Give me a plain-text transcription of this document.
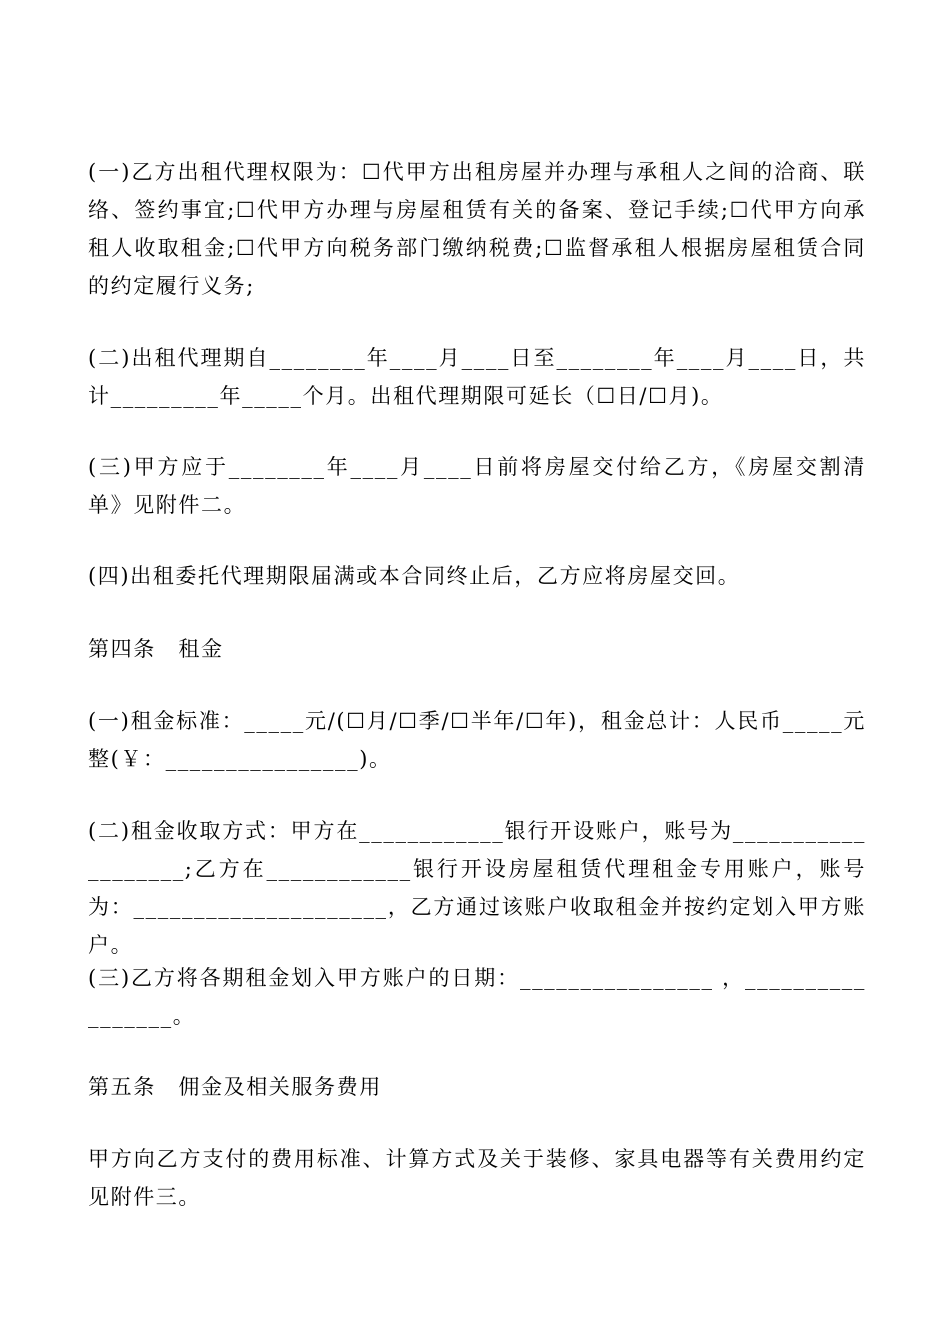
(一)乙方出租代理权限为：☐代甲方出租房屋并办理与承租人之间的洽商、联络、签约事宜;☐代甲方办理与房屋租赁有关的备案、登记手续;☐代甲方向承租人收取租金;☐代甲方向税务部门缴纳税费;☐监督承租人根据房屋租赁合同的约定履行义务;
(二)出租代理期自________年____月____日至________年____月____日，共计_________年_____个月。出租代理期限可延长（☐日/☐月)。
(三)甲方应于________年____月____日前将房屋交付给乙方，《房屋交割清单》见附件二。
(四)出租委托代理期限届满或本合同终止后，乙方应将房屋交回。
第四条　租金
(一)租金标准：_____元/(☐月/☐季/☐半年/☐年)，租金总计：人民币_____元整(￥：________________)。
(二)租金收取方式：甲方在____________银行开设账户，账号为___________________;乙方在____________银行开设房屋租赁代理租金专用账户，账号为：_____________________，乙方通过该账户收取租金并按约定划入甲方账户。
(三)乙方将各期租金划入甲方账户的日期：________________ ，_________________。
第五条　佣金及相关服务费用
甲方向乙方支付的费用标准、计算方式及关于装修、家具电器等有关费用约定见附件三。
